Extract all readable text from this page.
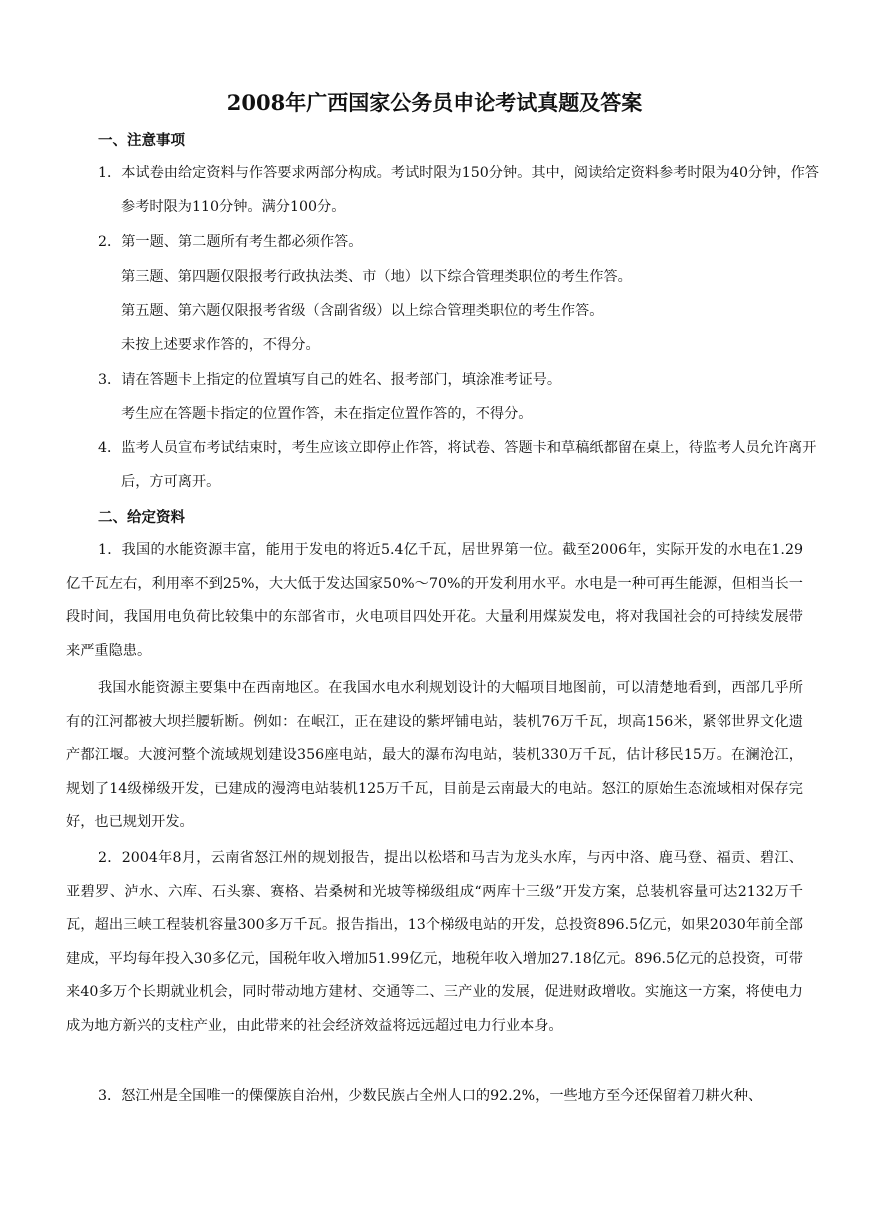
2008年广西国家公务员申论考试真题及答案
一、注意事项

1．本试卷由给定资料与作答要求两部分构成。考试时限为150分钟。其中，阅读给定资料参考时限为40分钟，作答参考时限为110分钟。满分100分。

2．第一题、第二题所有考生都必须作答。

第三题、第四题仅限报考行政执法类、市（地）以下综合管理类职位的考生作答。

第五题、第六题仅限报考省级（含副省级）以上综合管理类职位的考生作答。

未按上述要求作答的，不得分。

3．请在答题卡上指定的位置填写自己的姓名、报考部门，填涂准考证号。

考生应在答题卡指定的位置作答，未在指定位置作答的，不得分。

4．监考人员宣布考试结束时，考生应该立即停止作答，将试卷、答题卡和草稿纸都留在桌上，待监考人员允许离开后，方可离开。

二、给定资料

1．我国的水能资源丰富，能用于发电的将近5.4亿千瓦，居世界第一位。截至2006年，实际开发的水电在1.29亿千瓦左右，利用率不到25%，大大低于发达国家50%～70%的开发利用水平。水电是一种可再生能源，但相当长一段时间，我国用电负荷比较集中的东部省市，火电项目四处开花。大量利用煤炭发电，将对我国社会的可持续发展带来严重隐患。

我国水能资源主要集中在西南地区。在我国水电水利规划设计的大幅项目地图前，可以清楚地看到，西部几乎所有的江河都被大坝拦腰斩断。例如：在岷江，正在建设的紫坪铺电站，装机76万千瓦，坝高156米，紧邻世界文化遗产都江堰。大渡河整个流域规划建设356座电站，最大的瀑布沟电站，装机330万千瓦，估计移民15万。在澜沧江，规划了14级梯级开发，已建成的漫湾电站装机125万千瓦，目前是云南最大的电站。怒江的原始生态流域相对保存完好，也已规划开发。

2．2004年8月，云南省怒江州的规划报告，提出以松塔和马吉为龙头水库，与丙中洛、鹿马登、福贡、碧江、亚碧罗、泸水、六库、石头寨、赛格、岩桑树和光坡等梯级组成“两库十三级”开发方案，总装机容量可达2132万千瓦，超出三峡工程装机容量300多万千瓦。报告指出，13个梯级电站的开发，总投资896.5亿元，如果2030年前全部建成，平均每年投入30多亿元，国税年收入增加51.99亿元，地税年收入增加27.18亿元。896.5亿元的总投资，可带来40多万个长期就业机会，同时带动地方建材、交通等二、三产业的发展，促进财政增收。实施这一方案，将使电力成为地方新兴的支柱产业，由此带来的社会经济效益将远远超过电力行业本身。

3．怒江州是全国唯一的傈僳族自治州，少数民族占全州人口的92.2%，一些地方至今还保留着刀耕火种、
